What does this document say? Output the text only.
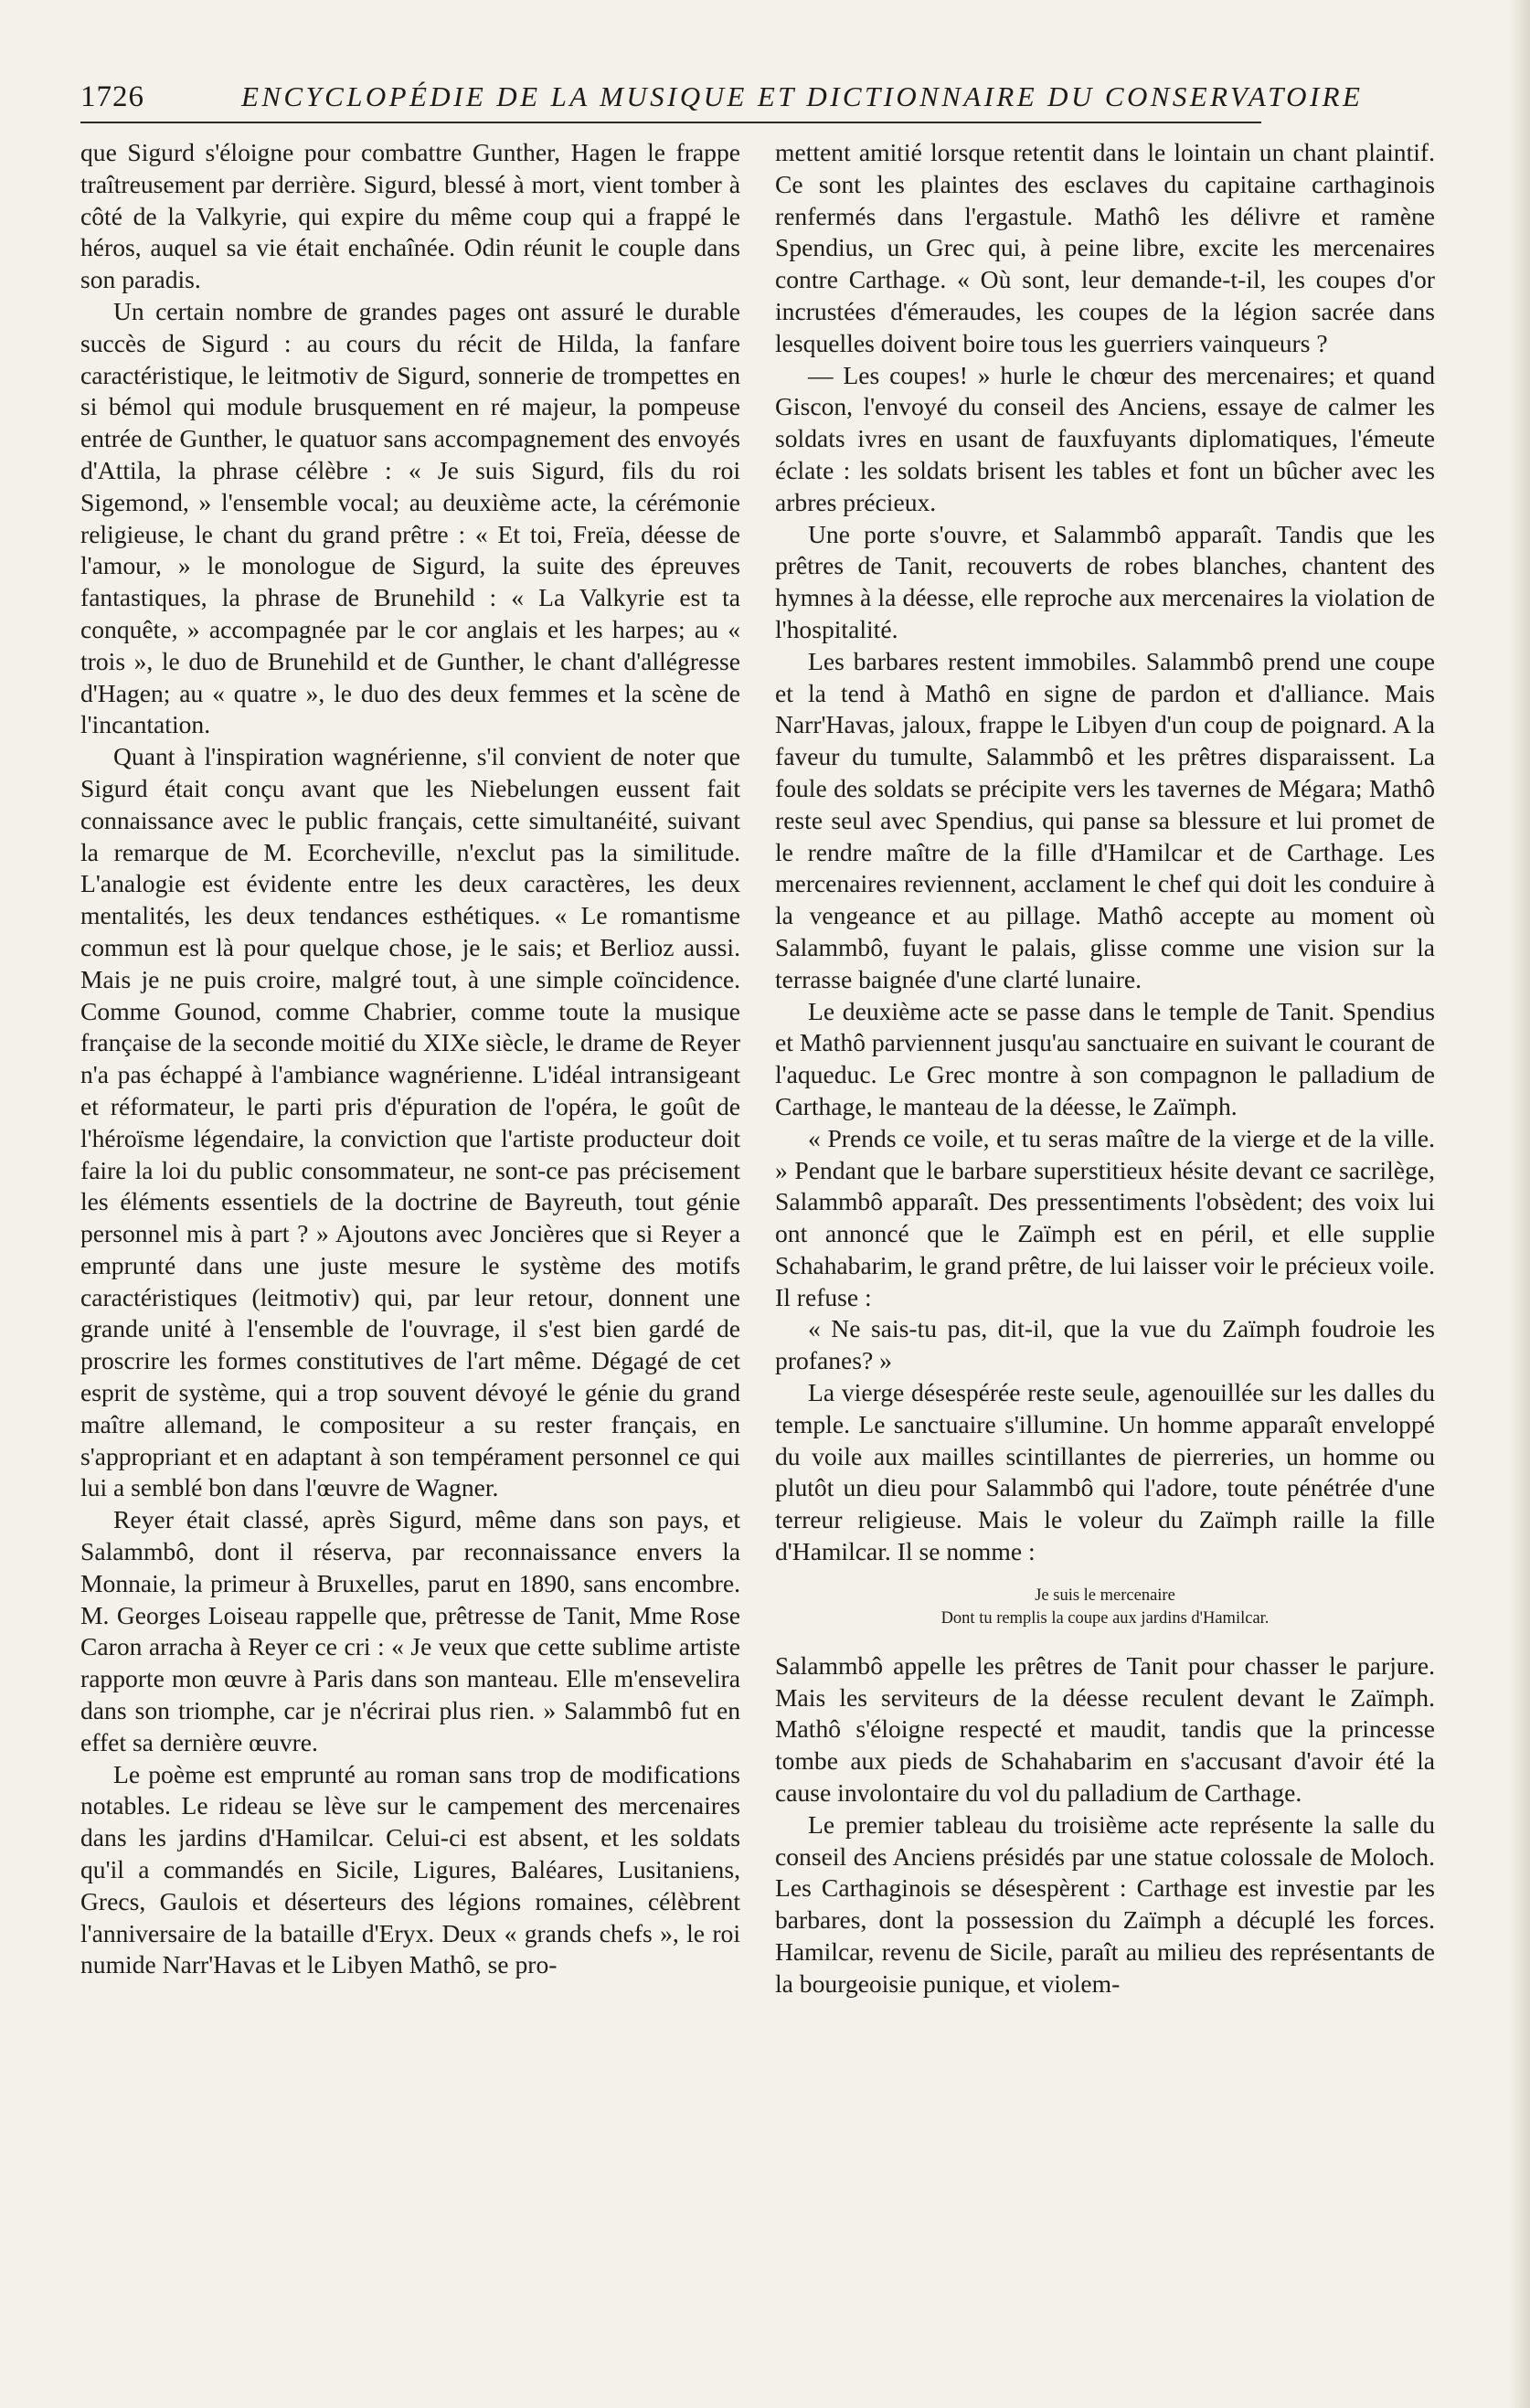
1726	ENCYCLOPÉDIE DE LA MUSIQUE ET DICTIONNAIRE DU CONSERVATOIRE

que Sigurd s'éloigne pour combattre Gunther, Hagen le frappe traîtreusement par derrière. Sigurd, blessé à mort, vient tomber à côté de la Valkyrie, qui expire du même coup qui a frappé le héros, auquel sa vie était enchaînée. Odin réunit le couple dans son paradis.

Un certain nombre de grandes pages ont assuré le durable succès de Sigurd : au cours du récit de Hilda, la fanfare caractéristique, le leitmotiv de Sigurd, sonnerie de trompettes en si bémol qui module brusquement en ré majeur, la pompeuse entrée de Gunther, le quatuor sans accompagnement des envoyés d'Attila, la phrase célèbre : « Je suis Sigurd, fils du roi Sigemond, » l'ensemble vocal; au deuxième acte, la cérémonie religieuse, le chant du grand prêtre : « Et toi, Freïa, déesse de l'amour, » le monologue de Sigurd, la suite des épreuves fantastiques, la phrase de Brunehild : « La Valkyrie est ta conquête, » accompagnée par le cor anglais et les harpes; au « trois », le duo de Brunehild et de Gunther, le chant d'allégresse d'Hagen; au « quatre », le duo des deux femmes et la scène de l'incantation.

Quant à l'inspiration wagnérienne, s'il convient de noter que Sigurd était conçu avant que les Niebelungen eussent fait connaissance avec le public français, cette simultanéité, suivant la remarque de M. Ecorcheville, n'exclut pas la similitude. L'analogie est évidente entre les deux caractères, les deux mentalités, les deux tendances esthétiques. « Le romantisme commun est là pour quelque chose, je le sais; et Berlioz aussi. Mais je ne puis croire, malgré tout, à une simple coïncidence. Comme Gounod, comme Chabrier, comme toute la musique française de la seconde moitié du XIXe siècle, le drame de Reyer n'a pas échappé à l'ambiance wagnérienne. L'idéal intransigeant et réformateur, le parti pris d'épuration de l'opéra, le goût de l'héroïsme légendaire, la conviction que l'artiste producteur doit faire la loi du public consommateur, ne sont-ce pas précisement les éléments essentiels de la doctrine de Bayreuth, tout génie personnel mis à part ? » Ajoutons avec Joncières que si Reyer a emprunté dans une juste mesure le système des motifs caractéristiques (leitmotiv) qui, par leur retour, donnent une grande unité à l'ensemble de l'ouvrage, il s'est bien gardé de proscrire les formes constitutives de l'art même. Dégagé de cet esprit de système, qui a trop souvent dévoyé le génie du grand maître allemand, le compositeur a su rester français, en s'appropriant et en adaptant à son tempérament personnel ce qui lui a semblé bon dans l'œuvre de Wagner.

Reyer était classé, après Sigurd, même dans son pays, et Salammbô, dont il réserva, par reconnaissance envers la Monnaie, la primeur à Bruxelles, parut en 1890, sans encombre. M. Georges Loiseau rappelle que, prêtresse de Tanit, Mme Rose Caron arracha à Reyer ce cri : « Je veux que cette sublime artiste rapporte mon œuvre à Paris dans son manteau. Elle m'ensevelira dans son triomphe, car je n'écrirai plus rien. » Salammbô fut en effet sa dernière œuvre.

Le poème est emprunté au roman sans trop de modifications notables. Le rideau se lève sur le campement des mercenaires dans les jardins d'Hamilcar. Celui-ci est absent, et les soldats qu'il a commandés en Sicile, Ligures, Baléares, Lusitaniens, Grecs, Gaulois et déserteurs des légions romaines, célèbrent l'anniversaire de la bataille d'Eryx. Deux « grands chefs », le roi numide Narr'Havas et le Libyen Mathô, se pro-

mettent amitié lorsque retentit dans le lointain un chant plaintif. Ce sont les plaintes des esclaves du capitaine carthaginois renfermés dans l'ergastule. Mathô les délivre et ramène Spendius, un Grec qui, à peine libre, excite les mercenaires contre Carthage. « Où sont, leur demande-t-il, les coupes d'or incrustées d'émeraudes, les coupes de la légion sacrée dans lesquelles doivent boire tous les guerriers vainqueurs ?

— Les coupes! » hurle le chœur des mercenaires; et quand Giscon, l'envoyé du conseil des Anciens, essaye de calmer les soldats ivres en usant de fauxfuyants diplomatiques, l'émeute éclate : les soldats brisent les tables et font un bûcher avec les arbres précieux.

Une porte s'ouvre, et Salammbô apparaît. Tandis que les prêtres de Tanit, recouverts de robes blanches, chantent des hymnes à la déesse, elle reproche aux mercenaires la violation de l'hospitalité.

Les barbares restent immobiles. Salammbô prend une coupe et la tend à Mathô en signe de pardon et d'alliance. Mais Narr'Havas, jaloux, frappe le Libyen d'un coup de poignard. A la faveur du tumulte, Salammbô et les prêtres disparaissent. La foule des soldats se précipite vers les tavernes de Mégara; Mathô reste seul avec Spendius, qui panse sa blessure et lui promet de le rendre maître de la fille d'Hamilcar et de Carthage. Les mercenaires reviennent, acclament le chef qui doit les conduire à la vengeance et au pillage. Mathô accepte au moment où Salammbô, fuyant le palais, glisse comme une vision sur la terrasse baignée d'une clarté lunaire.

Le deuxième acte se passe dans le temple de Tanit. Spendius et Mathô parviennent jusqu'au sanctuaire en suivant le courant de l'aqueduc. Le Grec montre à son compagnon le palladium de Carthage, le manteau de la déesse, le Zaïmph.

« Prends ce voile, et tu seras maître de la vierge et de la ville. » Pendant que le barbare superstitieux hésite devant ce sacrilège, Salammbô apparaît. Des pressentiments l'obsèdent; des voix lui ont annoncé que le Zaïmph est en péril, et elle supplie Schahabarim, le grand prêtre, de lui laisser voir le précieux voile. Il refuse :

« Ne sais-tu pas, dit-il, que la vue du Zaïmph foudroie les profanes? »

La vierge désespérée reste seule, agenouillée sur les dalles du temple. Le sanctuaire s'illumine. Un homme apparaît enveloppé du voile aux mailles scintillantes de pierreries, un homme ou plutôt un dieu pour Salammbô qui l'adore, toute pénétrée d'une terreur religieuse. Mais le voleur du Zaïmph raille la fille d'Hamilcar. Il se nomme :

Je suis le mercenaire
Dont tu remplis la coupe aux jardins d'Hamilcar.

Salammbô appelle les prêtres de Tanit pour chasser le parjure. Mais les serviteurs de la déesse reculent devant le Zaïmph. Mathô s'éloigne respecté et maudit, tandis que la princesse tombe aux pieds de Schahabarim en s'accusant d'avoir été la cause involontaire du vol du palladium de Carthage.

Le premier tableau du troisième acte représente la salle du conseil des Anciens présidés par une statue colossale de Moloch. Les Carthaginois se désespèrent : Carthage est investie par les barbares, dont la possession du Zaïmph a décuplé les forces. Hamilcar, revenu de Sicile, paraît au milieu des représentants de la bourgeoisie punique, et violem-
